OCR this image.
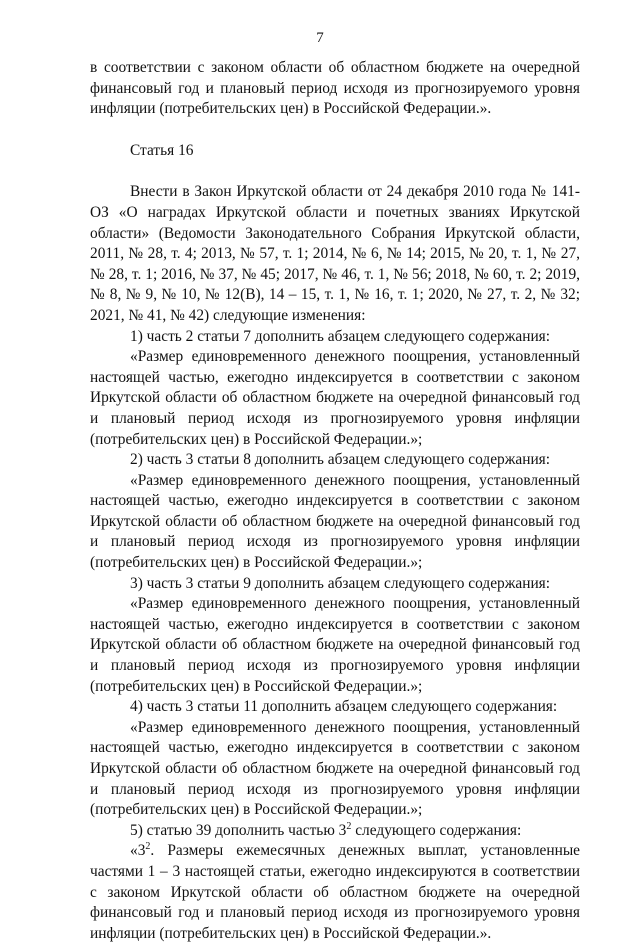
7

в соответствии с законом области об областном бюджете на очередной финансовый год и плановый период исходя из прогнозируемого уровня инфляции (потребительских цен) в Российской Федерации.».

Статья 16

Внести в Закон Иркутской области от 24 декабря 2010 года № 141-ОЗ «О наградах Иркутской области и почетных званиях Иркутской области» (Ведомости Законодательного Собрания Иркутской области, 2011, № 28, т. 4; 2013, № 57, т. 1; 2014, № 6, № 14; 2015, № 20, т. 1, № 27, № 28, т. 1; 2016, № 37, № 45; 2017, № 46, т. 1, № 56; 2018, № 60, т. 2; 2019, № 8, № 9, № 10, № 12(В), 14 – 15, т. 1, № 16, т. 1; 2020, № 27, т. 2, № 32; 2021, № 41, № 42) следующие изменения:

1) часть 2 статьи 7 дополнить абзацем следующего содержания:

«Размер единовременного денежного поощрения, установленный настоящей частью, ежегодно индексируется в соответствии с законом Иркутской области об областном бюджете на очередной финансовый год и плановый период исходя из прогнозируемого уровня инфляции (потребительских цен) в Российской Федерации.»;

2) часть 3 статьи 8 дополнить абзацем следующего содержания:

«Размер единовременного денежного поощрения, установленный настоящей частью, ежегодно индексируется в соответствии с законом Иркутской области об областном бюджете на очередной финансовый год и плановый период исходя из прогнозируемого уровня инфляции (потребительских цен) в Российской Федерации.»;

3) часть 3 статьи 9 дополнить абзацем следующего содержания:

«Размер единовременного денежного поощрения, установленный настоящей частью, ежегодно индексируется в соответствии с законом Иркутской области об областном бюджете на очередной финансовый год и плановый период исходя из прогнозируемого уровня инфляции (потребительских цен) в Российской Федерации.»;

4) часть 3 статьи 11 дополнить абзацем следующего содержания:

«Размер единовременного денежного поощрения, установленный настоящей частью, ежегодно индексируется в соответствии с законом Иркутской области об областном бюджете на очередной финансовый год и плановый период исходя из прогнозируемого уровня инфляции (потребительских цен) в Российской Федерации.»;

5) статью 39 дополнить частью $3^2$ следующего содержания:

«$3^2$. Размеры ежемесячных денежных выплат, установленные частями 1 – 3 настоящей статьи, ежегодно индексируются в соответствии с законом Иркутской области об областном бюджете на очередной финансовый год и плановый период исходя из прогнозируемого уровня инфляции (потребительских цен) в Российской Федерации.».
